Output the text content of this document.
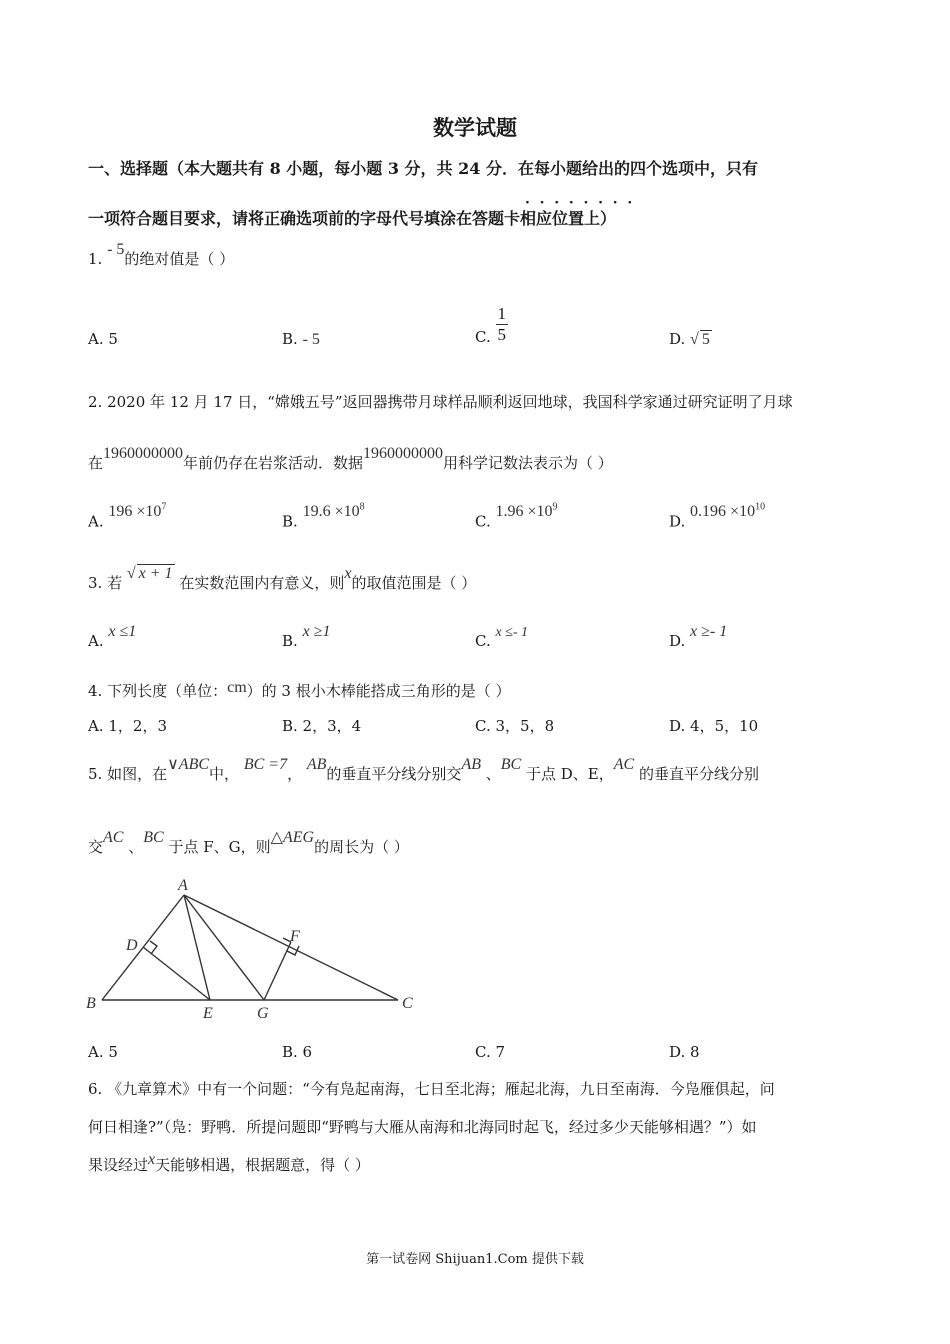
数学试题
一、选择题（本大题共有 8 小题，每小题 3 分，共 24 分．在每小题给出的四个选项中，只有
一项符合题目要求，请将正确选项前的字母代号填涂在答题卡相应位置上）
·  ·  ·  ·  ·  ·  ·  ·
1. - 5的绝对值是（ ）
A. 5	B. - 5	C. $\frac{1}{5}$	D. √ 5
2. 2020 年 12 月 17 日，“嫦娥五号”返回器携带月球样品顺利返回地球，我国科学家通过研究证明了月球
在1960000000年前仍存在岩浆活动．数据1960000000用科学记数法表示为（ ）
A. $196 \times 10^7$
B. $19.6 \times 10^8$
C. $1.96 \times 10^9$
D. $0.196 \times 10^{10}$
3. 若 √ x + 1 在实数范围内有意义，则x的取值范围是（ ）
A. x ≤1
B. x ≥1
C. x ≤- 1	D. x ≥- 1
4. 下列长度（单位：cm）的 3 根小木棒能搭成三角形的是（ ）
A. 1，2，3	B. 2，3，4	C. 3，5，8	D. 4，5，10
5. 如图，在∨ABC中， BC =7， AB的垂直平分线分别交AB 、BC 于点 D、E，AC 的垂直平分线分别
交AC 、BC 于点 F、G，则△AEG的周长为（ ）
A
B	C
D
E
F
G
A. 5	B. 6	C. 7	D. 8
6. 《九章算术》中有一个问题：“今有凫起南海，七日至北海；雁起北海，九日至南海．今凫雁俱起，问
何日相逢?”（凫：野鸭．所提问题即“野鸭与大雁从南海和北海同时起飞，经过多少天能够相遇？”）如
果设经过x天能够相遇，根据题意，得（ ）
第一试卷网 Shijuan1.Com 提供下载
